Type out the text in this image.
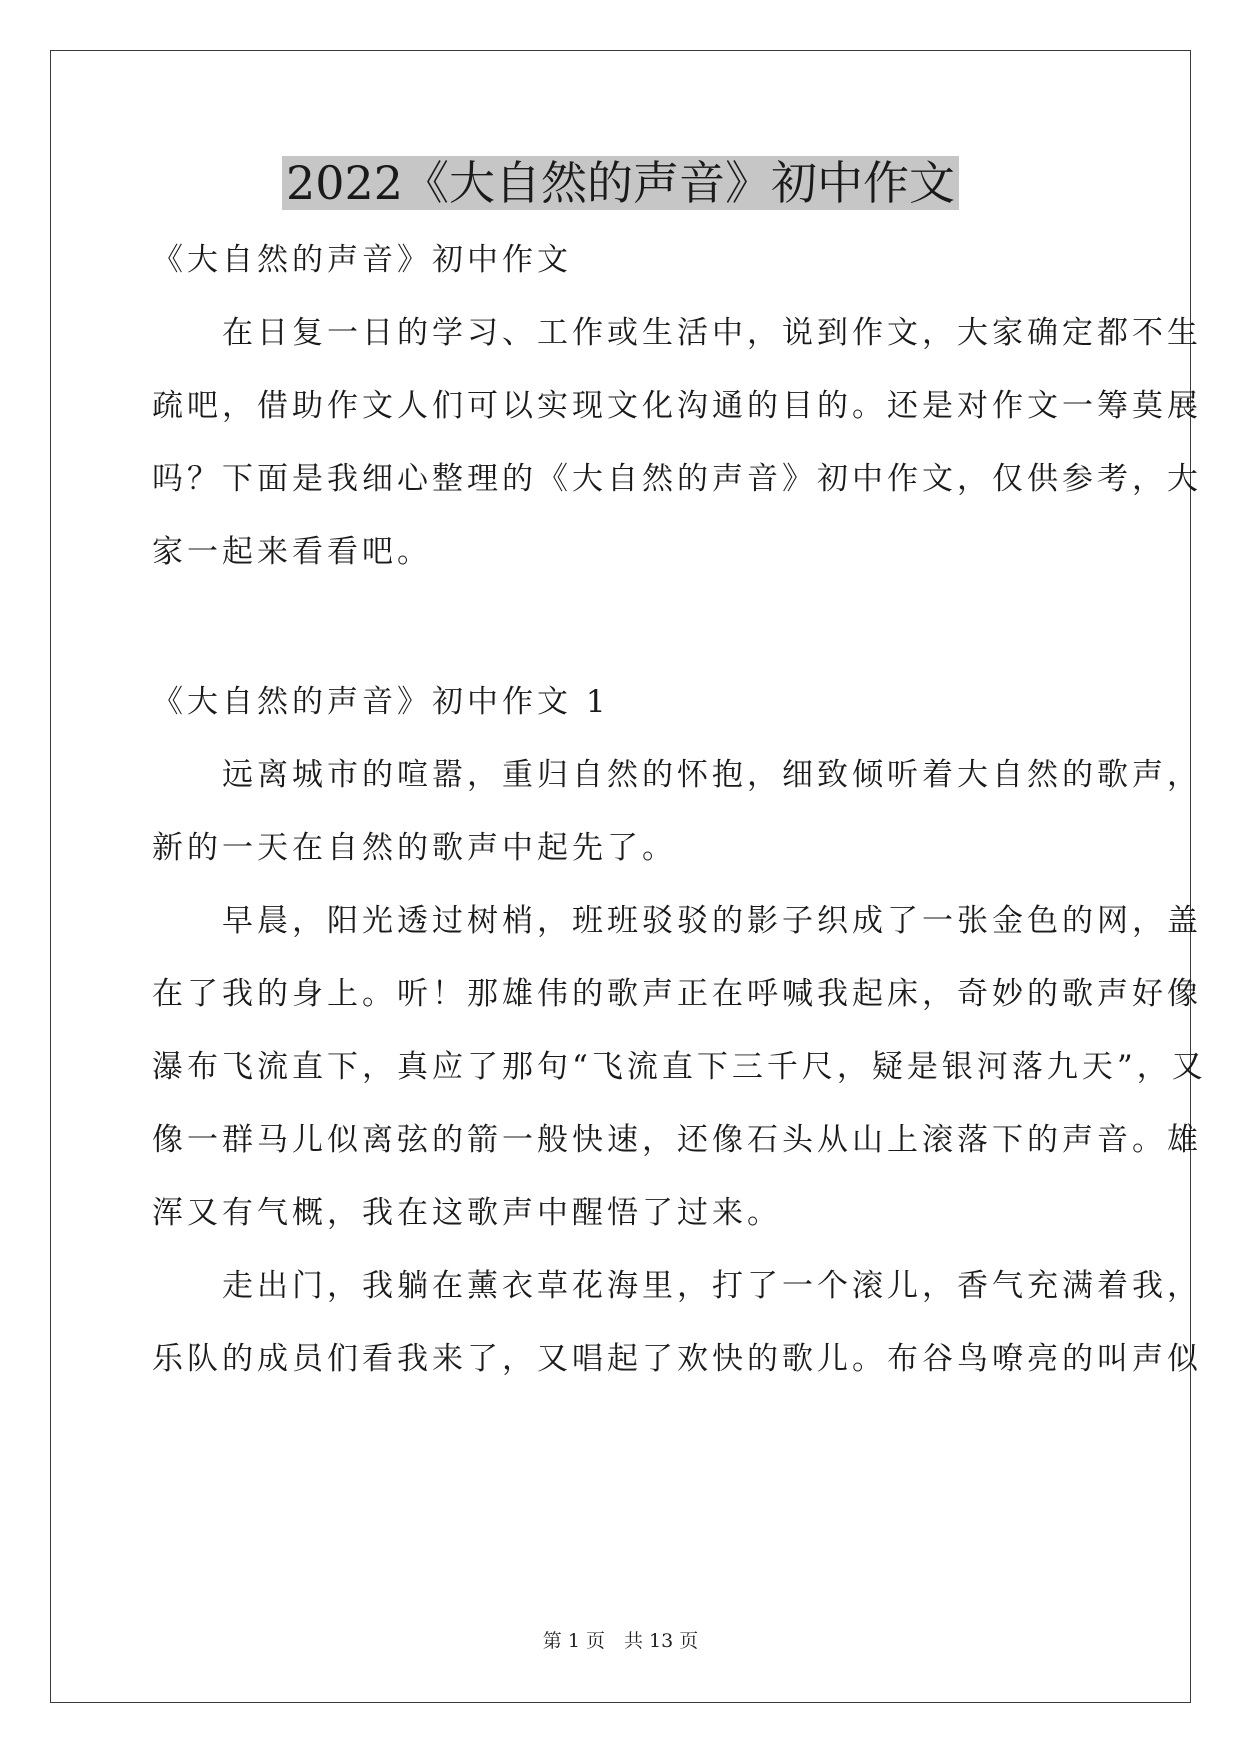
2022《大自然的声音》初中作文

《大自然的声音》初中作文

　　在日复一日的学习、工作或生活中，说到作文，大家确定都不生

疏吧，借助作文人们可以实现文化沟通的目的。还是对作文一筹莫展

吗？下面是我细心整理的《大自然的声音》初中作文，仅供参考，大

家一起来看看吧。

《大自然的声音》初中作文 1

　　远离城市的喧嚣，重归自然的怀抱，细致倾听着大自然的歌声，

新的一天在自然的歌声中起先了。

　　早晨，阳光透过树梢，班班驳驳的影子织成了一张金色的网，盖

在了我的身上。听！那雄伟的歌声正在呼喊我起床，奇妙的歌声好像

瀑布飞流直下，真应了那句“飞流直下三千尺，疑是银河落九天”，又

像一群马儿似离弦的箭一般快速，还像石头从山上滚落下的声音。雄

浑又有气概，我在这歌声中醒悟了过来。

　　走出门，我躺在薰衣草花海里，打了一个滚儿，香气充满着我，

乐队的成员们看我来了，又唱起了欢快的歌儿。布谷鸟嘹亮的叫声似

第 1 页　共 13 页
